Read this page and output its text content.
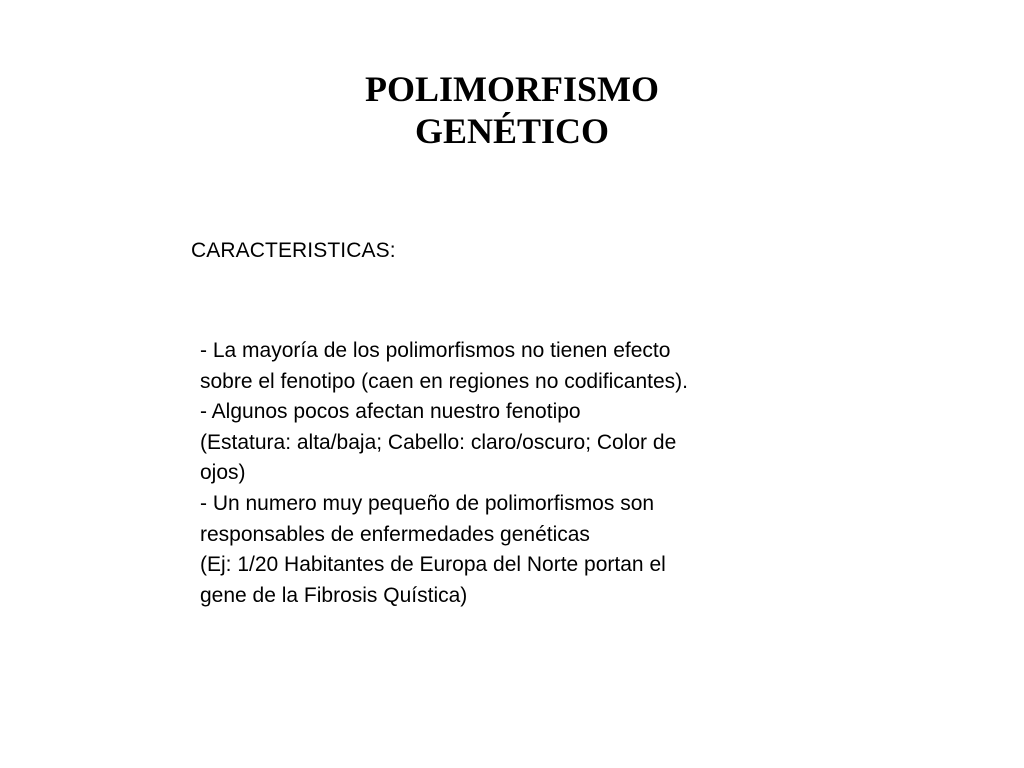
POLIMORFISMO
GENÉTICO

CARACTERISTICAS:

- La mayoría de los polimorfismos no tienen efecto
sobre el fenotipo (caen en regiones no codificantes).
- Algunos pocos afectan nuestro fenotipo
(Estatura: alta/baja; Cabello: claro/oscuro; Color de
ojos)
- Un numero muy pequeño de polimorfismos son
responsables de enfermedades genéticas
(Ej: 1/20 Habitantes de Europa del Norte portan el
gene de la Fibrosis Quística)
